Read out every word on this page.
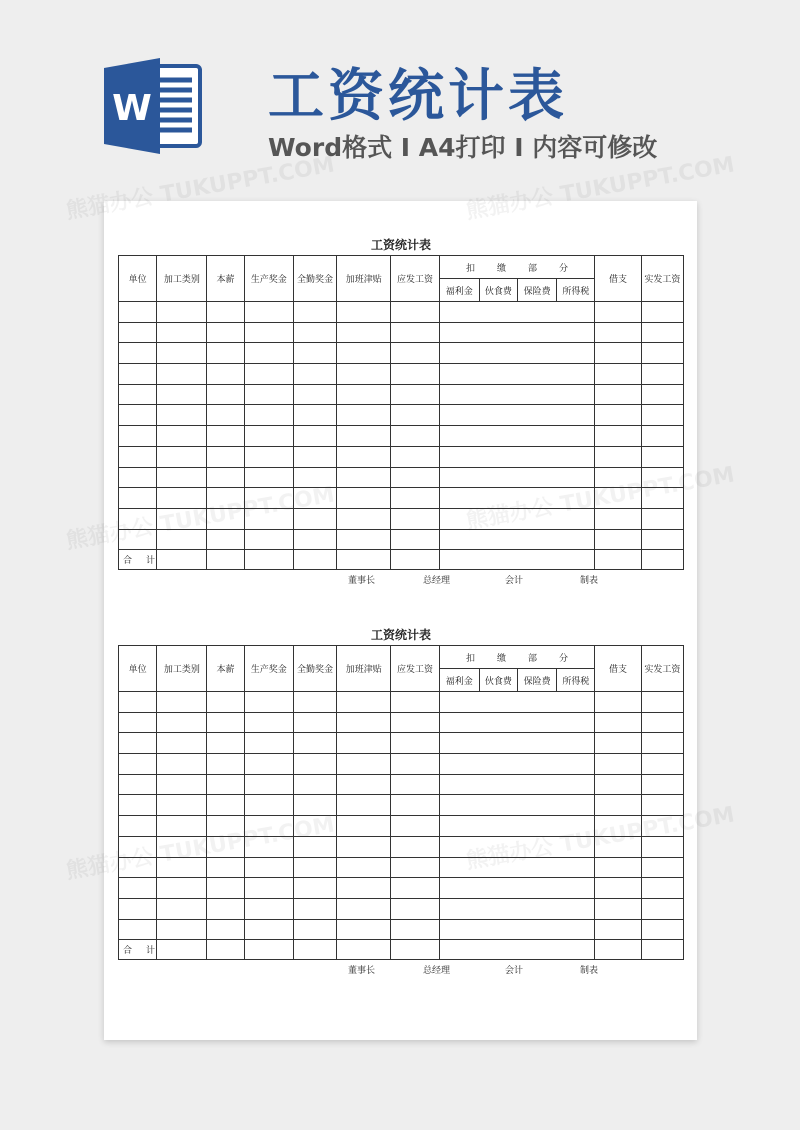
W 工资统计表
Word格式 I A4打印 I 内容可修改
熊猫办公 TUKUPPT.COM	熊猫办公 TUKUPPT.COM
熊猫办公 TUKUPPT.COM	熊猫办公 TUKUPPT.COM
熊猫办公 TUKUPPT.COM	熊猫办公 TUKUPPT.COM
工资统计表
单位	加工类别	本薪	生产奖金	全勤奖金	加班津贴	应发工资	扣 缴 部 分				借支	实发工资
							福利金	伙食费	保险费	所得税		

合 计												
董事长	总经理	会计	制表
工资统计表
单位	加工类别	本薪	生产奖金	全勤奖金	加班津贴	应发工资	扣 缴 部 分				借支	实发工资
							福利金	伙食费	保险费	所得税		

合 计												
董事长	总经理	会计	制表
